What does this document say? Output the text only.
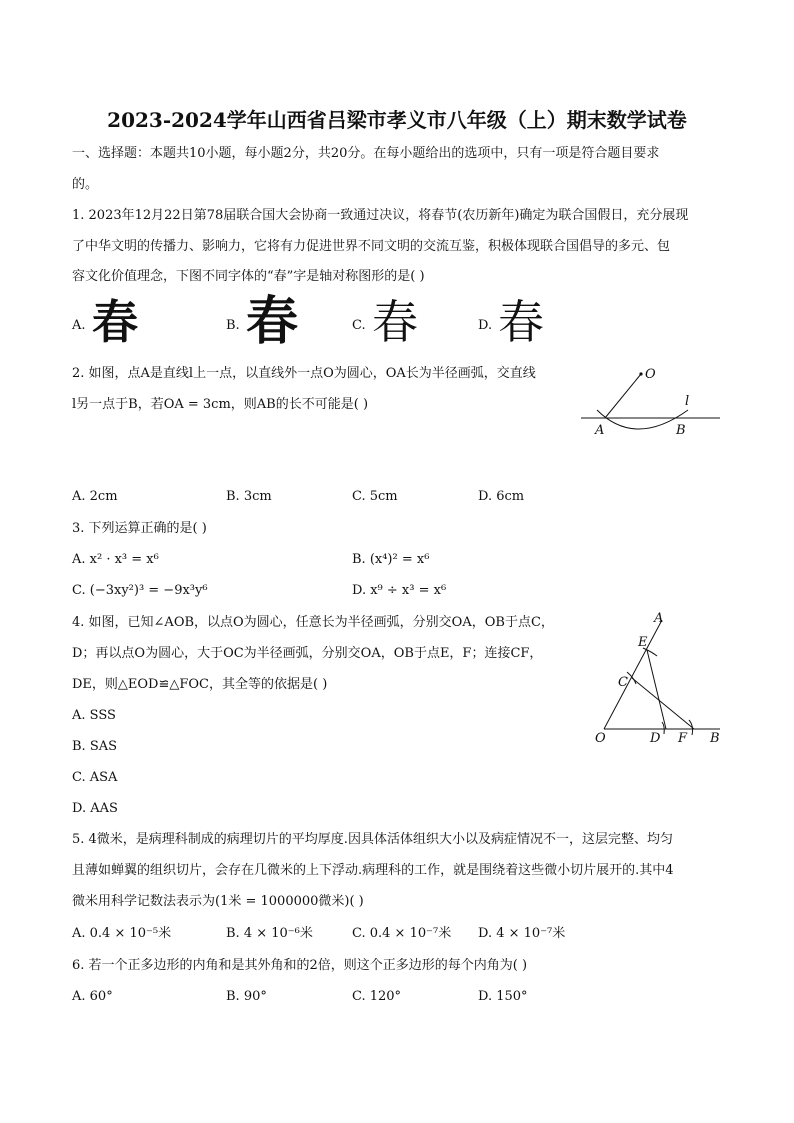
2023-2024学年山西省吕梁市孝义市八年级（上）期末数学试卷
一、选择题：本题共10小题，每小题2分，共20分。在每小题给出的选项中，只有一项是符合题目要求
的。
1. 2023年12月22日第78届联合国大会协商一致通过决议，将春节(农历新年)确定为联合国假日，充分展现
了中华文明的传播力、影响力，它将有力促进世界不同文明的交流互鉴，积极体现联合国倡导的多元、包
容文化价值理念，下图不同字体的“春”字是轴对称图形的是( )
A. 春	B. 春	C. 春	D. 春
2. 如图，点A是直线l上一点，以直线外一点O为圆心，OA长为半径画弧，交直线
l另一点于B，若OA = 3cm，则AB的长不可能是( )
O
l
A	B
A. 2cm	B. 3cm	C. 5cm	D. 6cm
3. 下列运算正确的是( )
A. x² · x³ = x⁶	B. (x⁴)² = x⁶
C. (−3xy²)³ = −9x³y⁶	D. x⁹ ÷ x³ = x⁶
4. 如图，已知∠AOB，以点O为圆心，任意长为半径画弧，分别交OA，OB于点C，
D；再以点O为圆心，大于OC为半径画弧，分别交OA，OB于点E，F；连接CF，
DE，则△EOD≌△FOC，其全等的依据是( )
A. SSS
B. SAS
C. ASA
D. AAS
A
E
C
O	D F B
5. 4微米，是病理科制成的病理切片的平均厚度.因具体活体组织大小以及病症情况不一，这层完整、均匀
且薄如蝉翼的组织切片，会存在几微米的上下浮动.病理科的工作，就是围绕着这些微小切片展开的.其中4
微米用科学记数法表示为(1米 = 1000000微米)( )
A. 0.4 × 10⁻⁵米	B. 4 × 10⁻⁶米	C. 0.4 × 10⁻⁷米 D. 4 × 10⁻⁷米
6. 若一个正多边形的内角和是其外角和的2倍，则这个正多边形的每个内角为( )
A. 60°	B. 90°	C. 120°	D. 150°
